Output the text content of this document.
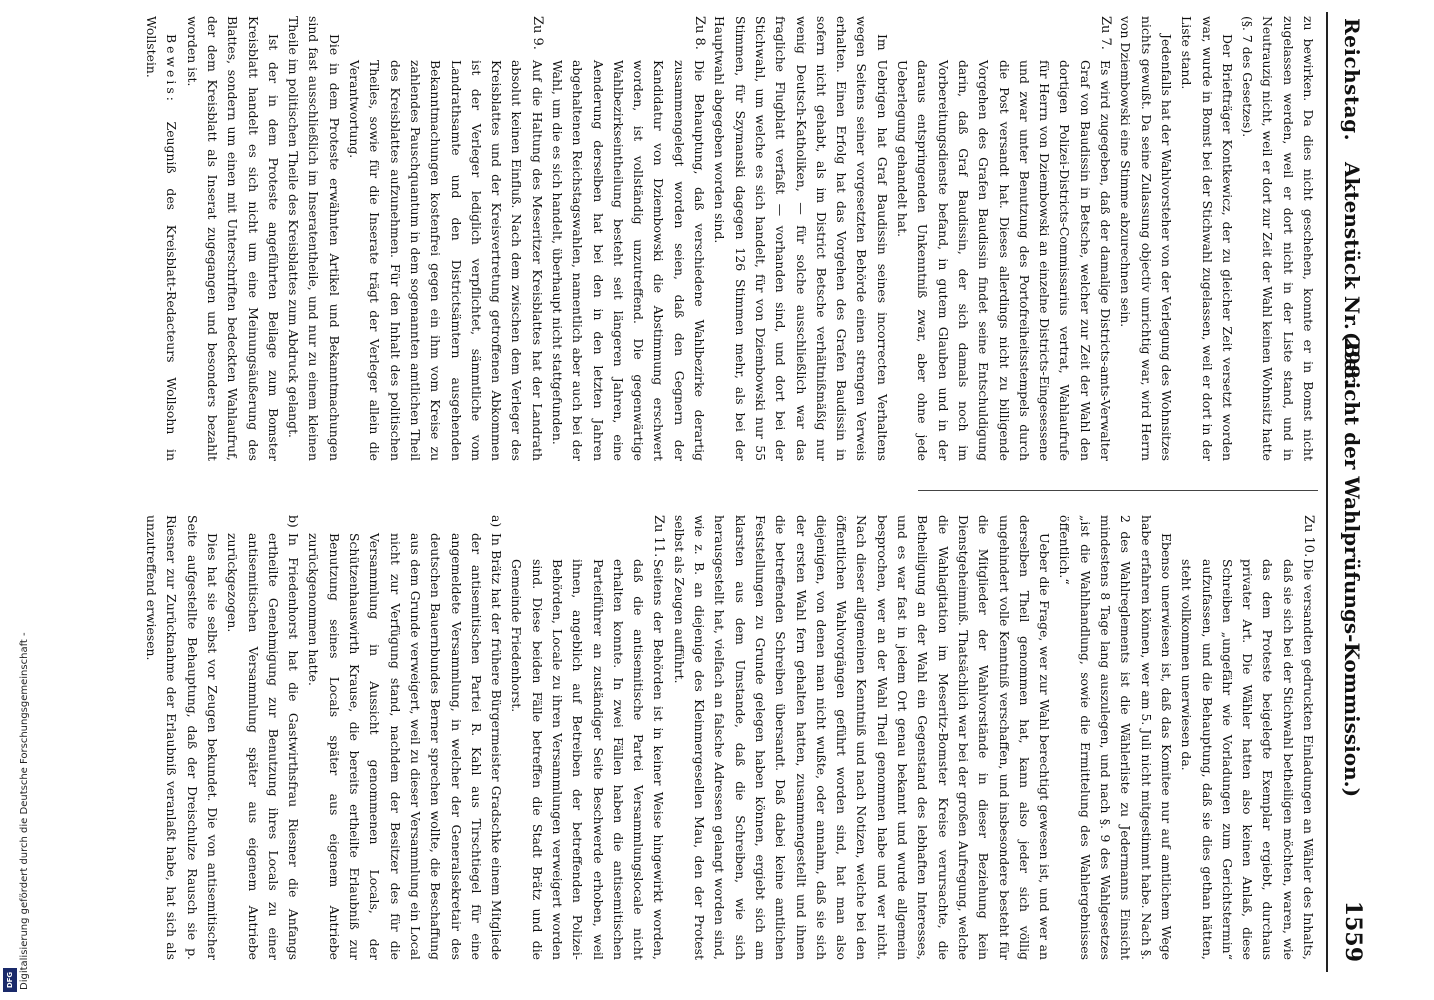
Reichstag.
Aktenstück Nr. 298.
(Bericht der Wahlprüfungs-Kommission.)
1559

zu bewirken. Da dies nicht geschehen, konnte er in Bomst nicht zugelassen werden, weil er dort nicht in der Liste stand, und in Neutrauzig nicht, weil er dort zur Zeit der Wahl keinen Wohnsitz hatte (§. 7 des Gesetzes).

Der Briefträger Kontkewicz, der zu gleicher Zeit versetzt worden war, wurde in Bomst bei der Stichwahl zugelassen, weil er dort in der Liste stand.

Jedenfalls hat der Wahlvorsteher von der Verlegung des Wohnsitzes nichts gewußt. Da seine Zulassung objectiv unrichtig war, wird Herrn von Dziembowski eine Stimme abzurechnen sein.

Zu 7.

Es wird zugegeben, daß der damalige Districts-amts-Verwalter Graf von Baudissin in Betsche, welcher zur Zeit der Wahl den dortigen Polizei-Districts-Commissarius vertrat, Wahlaufrufe für Herrn von Dziembowski an einzelne Districts-Eingesessene und zwar unter Benutzung des Portofreiheitsstempels durch die Post versandt hat. Dieses allerdings nicht zu billigende Vorgehen des Grafen Baudissin findet seine Entschuldigung darin, daß Graf Baudissin, der sich damals noch im Vorbereitungsdienste befand, in gutem Glauben und in der daraus entspringenden Unkenntniß zwar, aber ohne jede Ueberlegung gehandelt hat.

Im Uebrigen hat Graf Baudissin seines incorrecten Verhaltens wegen Seitens seiner vorgesetzten Behörde einen strengen Verweis erhalten. Einen Erfolg hat das Vorgehen des Grafen Baudissin in sofern nicht gehabt, als im District Betsche verhältnißmäßig nur wenig Deutsch-Katholiken, — für solche ausschließlich war das fragliche Flugblatt verfaßt — vorhanden sind, und dort bei der Stichwahl, um welche es sich handelt, für von Dziembowski nur 55 Stimmen, für Szymanski dagegen 126 Stimmen mehr, als bei der Hauptwahl abgegeben worden sind.

Zu 8.

Die Behauptung, daß verschiedene Wahlbezirke derartig zusammengelegt worden seien, daß den Gegnern der Kandidatur von Dziembowski die Abstimmung erschwert worden, ist vollständig unzutreffend. Die gegenwärtige Wahlbezirkseintheilung besteht seit längeren Jahren, eine Aenderung derselben hat bei den in den letzten Jahren abgehaltenen Reichstagswahlen, namentlich aber auch bei der Wahl, um die es sich handelt, überhaupt nicht stattgefunden.

Zu 9.

Auf die Haltung des Meseritzer Kreisblattes hat der Landrath absolut keinen Einfluß. Nach dem zwischen dem Verleger des Kreisblattes und der Kreisvertretung getroffenen Abkommen ist der Verleger lediglich verpflichtet, sämmtliche vom Landrathsamte und den Districtsämtern ausgehenden Bekanntmachungen kostenfrei gegen ein ihm vom Kreise zu zahlendes Pauschquantum in dem sogenannten amtlichen Theil des Kreisblattes aufzunehmen. Für den Inhalt des politischen Theiles, sowie für die Inserate trägt der Verleger allein die Verantwortung.

Die in dem Proteste erwähnten Artikel und Bekanntmachungen sind fast ausschließlich im Inseratentheile, und nur zu einem kleinen Theile im politischen Theile des Kreisblattes zum Abdruck gelangt.

Ist der in dem Proteste angeführten Beilage zum Bomster Kreisblatt handelt es sich nicht um eine Meinungsäußerung des Blattes, sondern um einen mit Unterschriften bedeckten Wahlaufruf, der dem Kreisblatt als Inserat zugegangen und besonders bezahlt worden ist.

Beweis: Zeugniß des Kreisblatt-Redacteurs Wollsohn in Wollstein.

Zu 10.

Die versandten gedruckten Einladungen an Wähler des Inhalts, daß sie sich bei der Stichwahl betheiligen möchten, waren, wie das dem Proteste beigelegte Exemplar ergiebt, durchaus privater Art. Die Wähler hatten also keinen Anlaß, diese Schreiben „ungefähr wie Vorladungen zum Gerichtstermin“ aufzufassen, und die Behauptung, daß sie dies gethan hätten, steht vollkommen unerwiesen da.

Ebenso unerwiesen ist, daß das Komitee nur auf amtlichem Wege habe erfahren können, wer am 5. Juli nicht mitgestimmt habe. Nach §. 2 des Wahlreglements ist die Wählerliste zu Jedermanns Einsicht mindestens 8 Tage lang auszulegen, und nach §. 9 des Wahlgesetzes „ist die Wahlhandlung, sowie die Ermittelung des Wahlergebnisses öffentlich.“

Ueber die Frage, wer zur Wahl berechtigt gewesen ist, und wer an derselben Theil genommen hat, kann also jeder sich völlig ungehindert volle Kenntniß verschaffen, und insbesondere besteht für die Mitglieder der Wahlvorstände in dieser Beziehung kein Dienstgeheimniß. Thatsächlich war bei der großen Aufregung, welche die Wahlagitation im Meseritz-Bomster Kreise verursachte, die Betheiligung an der Wahl ein Gegenstand des lebhaften Interesses, und es war fast in jedem Ort genau bekannt und wurde allgemein besprochen, wer an der Wahl Theil genommen habe und wer nicht. Nach dieser allgemeinen Kenntniß und nach Notizen, welche bei den öffentlichen Wahlvorgängen geführt worden sind, hat man also diejenigen, von denen man nicht wußte, oder annahm, daß sie sich der ersten Wahl fern gehalten hatten, zusammengestellt und ihnen die betreffenden Schreiben übersandt. Daß dabei keine amtlichen Feststellungen zu Grunde gelegen haben können, ergiebt sich am klarsten aus dem Umstande, daß die Schreiben, wie sich herausgestellt hat, vielfach an falsche Adressen gelangt worden sind, wie z. B. an diejenige des Kleinmergesellen Mau, den der Protest selbst als Zeugen aufführt.

Zu 11.

Seitens der Behörden ist in keiner Weise hingewirkt worden, daß die antisemitische Partei Versammlungslocale nicht erhalten konnte. In zwei Fällen haben die antisemitischen Parteiführer an zuständiger Seite Beschwerde erhoben, weil ihnen, angeblich auf Betreiben der betreffenden Polizei-Behörden, Locale zu ihren Versammlungen verweigert worden sind. Diese beiden Fälle betreffen die Stadt Brätz und die Gemeinde Friedenhorst.

a)

In Brätz hat der frühere Bürgermeister Gradschke einem Mitgliede der antisemitischen Partei R. Kahl aus Tirschtiegel für eine angemeldete Versammlung, in welcher der Generalsekretair des deutschen Bauernbundes Berner sprechen wollte, die Beschaffung aus dem Grunde verweigert, weil zu dieser Versammlung ein Local nicht zur Verfügung stand, nachdem der Besitzer des für die Versammlung in Aussicht genommenen Locals, der Schützenhauswirth Krause, die bereits ertheilte Erlaubniß zur Benutzung seines Locals später aus eigenem Antriebe zurückgenommen hatte.

b)

In Friedenhorst hat die Gastwirthsfrau Riesner die Anfangs ertheilte Genehmigung zur Benutzung ihres Locals zu einer antisemitischen Versammlung später aus eigenem Antriebe zurückgezogen.

Dies hat sie selbst vor Zeugen bekundet. Die von antisemitischer Seite aufgestellte Behauptung, daß der Dreischulze Rausch sie p. Riesner zur Zurücknahme der Erlaubniß veranlaßt habe, hat sich als unzutreffend erwiesen.

Digitalisierung gefördert durch die Deutsche Forschungsgemeinschaft -
DFG
